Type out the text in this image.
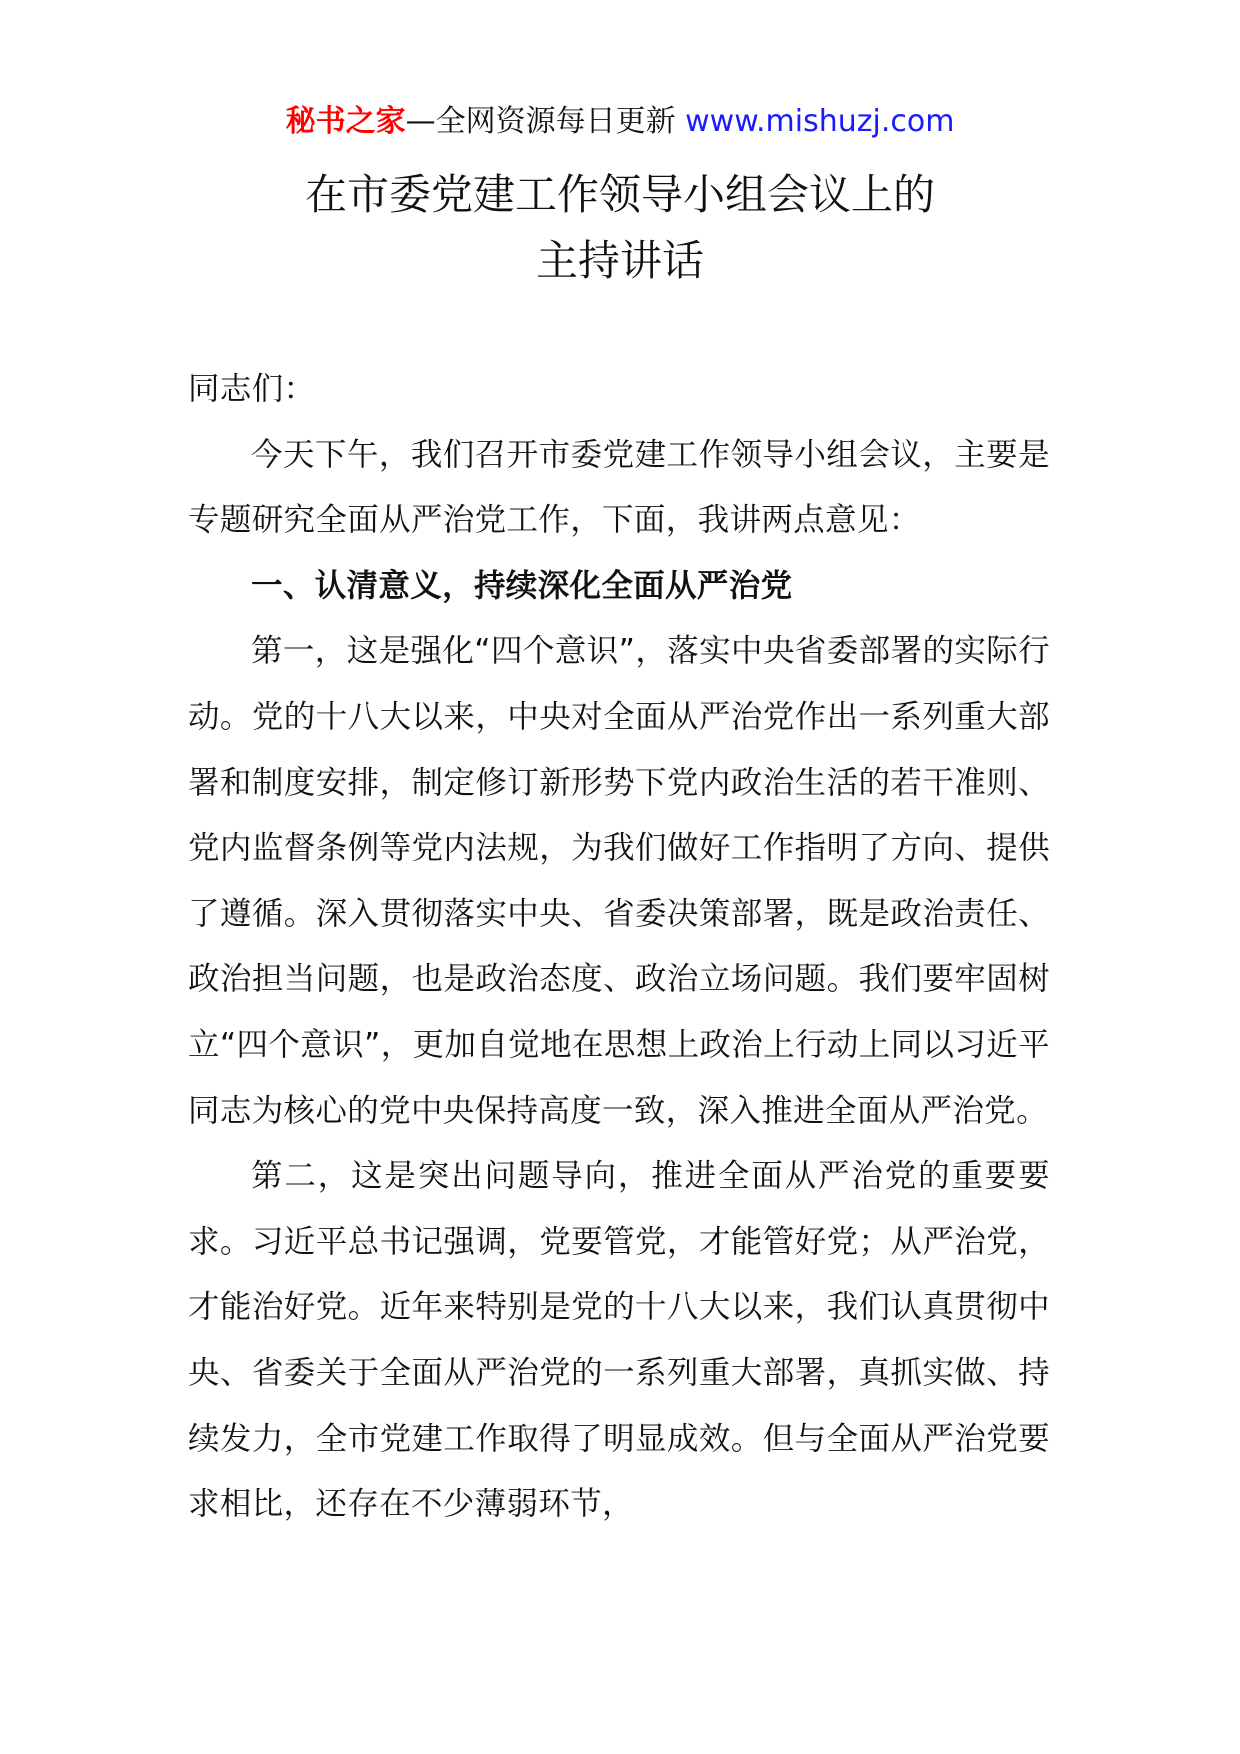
秘书之家—全网资源每日更新 www.mishuzj.com
在市委党建工作领导小组会议上的
主持讲话

同志们：

今天下午，我们召开市委党建工作领导小组会议，主要是专题研究全面从严治党工作，下面，我讲两点意见：

一、认清意义，持续深化全面从严治党

第一，这是强化“四个意识”，落实中央省委部署的实际行动。党的十八大以来，中央对全面从严治党作出一系列重大部署和制度安排，制定修订新形势下党内政治生活的若干准则、党内监督条例等党内法规，为我们做好工作指明了方向、提供了遵循。深入贯彻落实中央、省委决策部署，既是政治责任、政治担当问题，也是政治态度、政治立场问题。我们要牢固树立“四个意识”，更加自觉地在思想上政治上行动上同以习近平同志为核心的党中央保持高度一致，深入推进全面从严治党。

第二，这是突出问题导向，推进全面从严治党的重要要求。习近平总书记强调，党要管党，才能管好党；从严治党，才能治好党。近年来特别是党的十八大以来，我们认真贯彻中央、省委关于全面从严治党的一系列重大部署，真抓实做、持续发力，全市党建工作取得了明显成效。但与全面从严治党要求相比，还存在不少薄弱环节，
